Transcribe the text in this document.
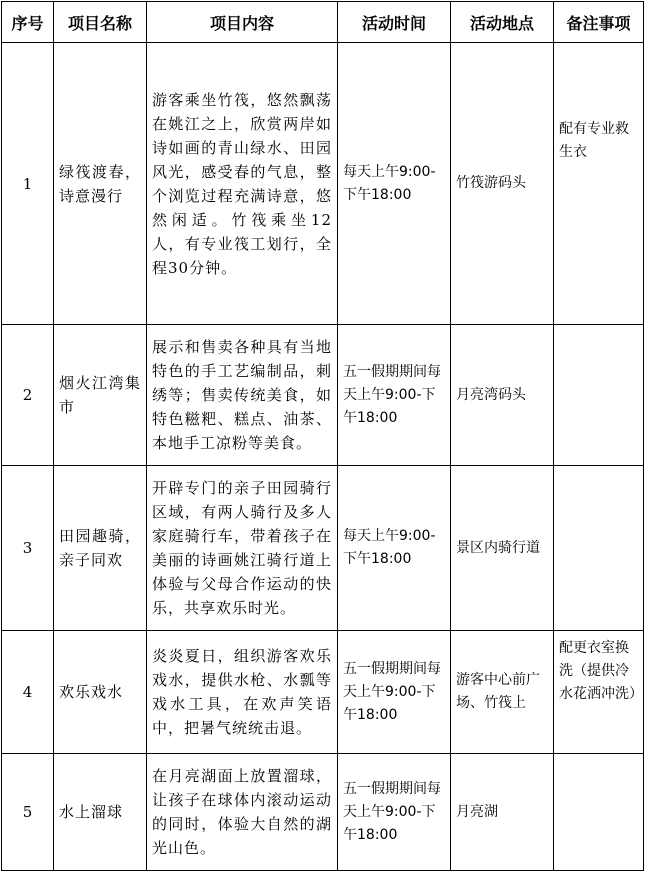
序号	项目名称	项目内容	活动时间	活动地点	备注事项
1	绿筏渡春，诗意漫行	游客乘坐竹筏，悠然飘荡在姚江之上，欣赏两岸如诗如画的青山绿水、田园风光，感受春的气息，整个浏览过程充满诗意，悠然闲适。竹筏乘坐12人，有专业筏工划行，全程30分钟。	每天上午9:00-下午18:00	竹筏游码头	配有专业救生衣
2	烟火江湾集市	展示和售卖各种具有当地特色的手工艺编制品，刺绣等；售卖传统美食，如特色糍粑、糕点、油茶、本地手工凉粉等美食。	五一假期期间每天上午9:00-下午18:00	月亮湾码头	
3	田园趣骑，亲子同欢	开辟专门的亲子田园骑行区域，有两人骑行及多人家庭骑行车，带着孩子在美丽的诗画姚江骑行道上体验与父母合作运动的快乐，共享欢乐时光。	每天上午9:00-下午18:00	景区内骑行道	
4	欢乐戏水	炎炎夏日，组织游客欢乐戏水，提供水枪、水瓢等戏水工具，在欢声笑语中，把暑气统统击退。	五一假期期间每天上午9:00-下午18:00	游客中心前广场、竹筏上	配更衣室换洗（提供冷水花洒冲洗）
5	水上溜球	在月亮湖面上放置溜球，让孩子在球体内滚动运动的同时，体验大自然的湖光山色。	五一假期期间每天上午9:00-下午18:00	月亮湖	
